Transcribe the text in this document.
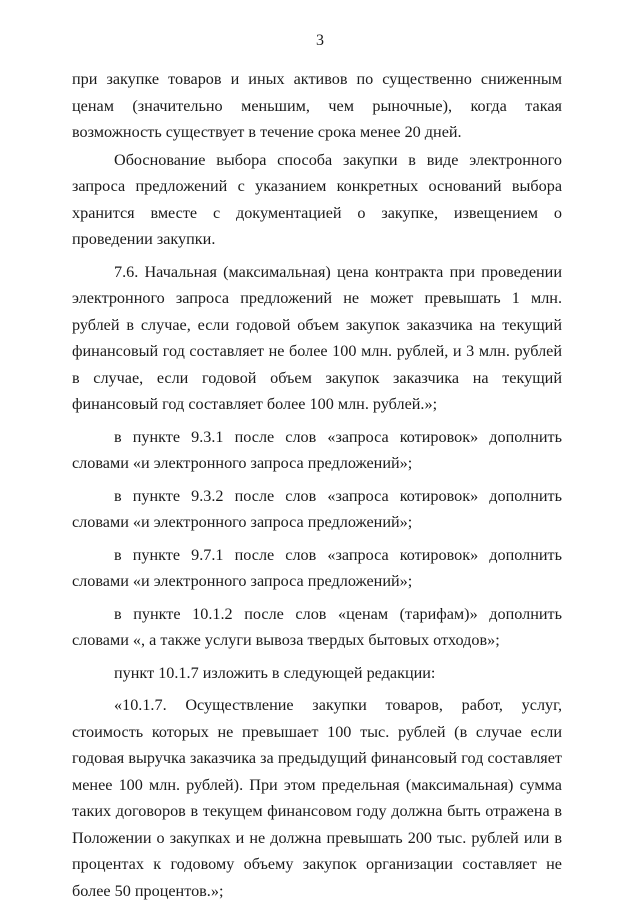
3

при закупке товаров и иных активов по существенно сниженным ценам (значительно меньшим, чем рыночные), когда такая возможность существует в течение срока менее 20 дней.

Обоснование выбора способа закупки в виде электронного запроса предложений с указанием конкретных оснований выбора хранится вместе с документацией о закупке, извещением о проведении закупки.

7.6. Начальная (максимальная) цена контракта при проведении электронного запроса предложений не может превышать 1 млн. рублей в случае, если годовой объем закупок заказчика на текущий финансовый год составляет не более 100 млн. рублей, и 3 млн. рублей в случае, если годовой объем закупок заказчика на текущий финансовый год составляет более 100 млн. рублей.»;

в пункте 9.3.1 после слов «запроса котировок» дополнить словами «и электронного запроса предложений»;

в пункте 9.3.2 после слов «запроса котировок» дополнить словами «и электронного запроса предложений»;

в пункте 9.7.1 после слов «запроса котировок» дополнить словами «и электронного запроса предложений»;

в пункте 10.1.2 после слов «ценам (тарифам)» дополнить словами «, а также услуги вывоза твердых бытовых отходов»;

пункт 10.1.7 изложить в следующей редакции:

«10.1.7. Осуществление закупки товаров, работ, услуг, стоимость которых не превышает 100 тыс. рублей (в случае если годовая выручка заказчика за предыдущий финансовый год составляет менее 100 млн. рублей). При этом предельная (максимальная) сумма таких договоров в текущем финансовом году должна быть отражена в Положении о закупках и не должна превышать 200 тыс. рублей или в процентах к годовому объему закупок организации составляет не более 50 процентов.»;
